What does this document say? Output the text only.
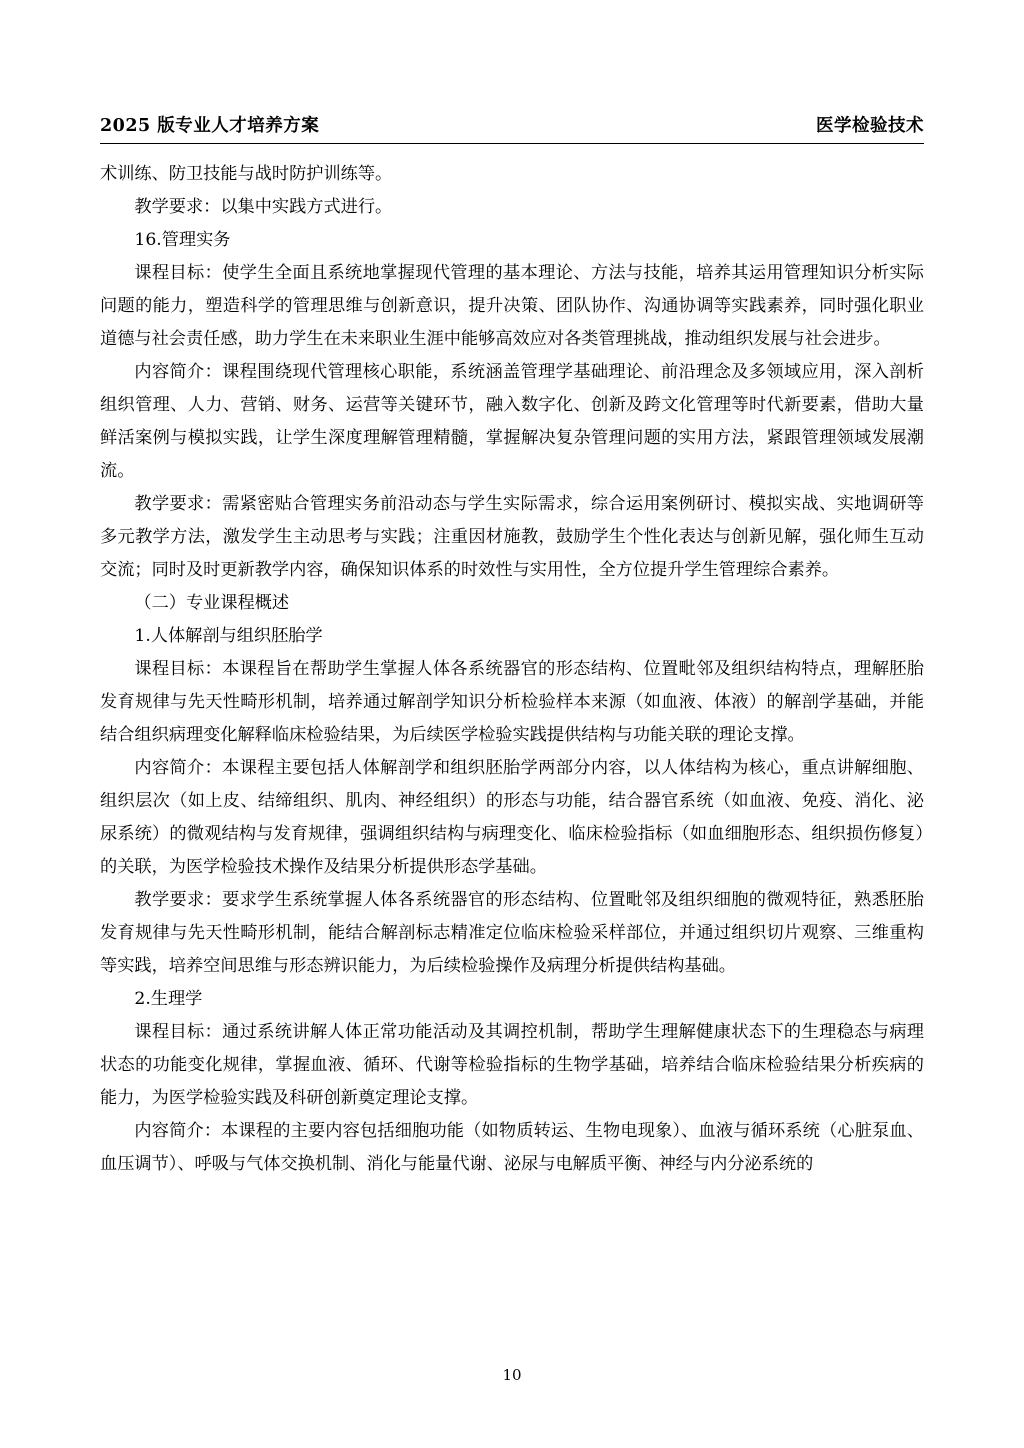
2025 版专业人才培养方案	医学检验技术

术训练、防卫技能与战时防护训练等。

教学要求：以集中实践方式进行。

16.管理实务

课程目标：使学生全面且系统地掌握现代管理的基本理论、方法与技能，培养其运用管理知识分析实际问题的能力，塑造科学的管理思维与创新意识，提升决策、团队协作、沟通协调等实践素养，同时强化职业道德与社会责任感，助力学生在未来职业生涯中能够高效应对各类管理挑战，推动组织发展与社会进步。

内容简介：课程围绕现代管理核心职能，系统涵盖管理学基础理论、前沿理念及多领域应用，深入剖析组织管理、人力、营销、财务、运营等关键环节，融入数字化、创新及跨文化管理等时代新要素，借助大量鲜活案例与模拟实践，让学生深度理解管理精髓，掌握解决复杂管理问题的实用方法，紧跟管理领域发展潮流。

教学要求：需紧密贴合管理实务前沿动态与学生实际需求，综合运用案例研讨、模拟实战、实地调研等多元教学方法，激发学生主动思考与实践；注重因材施教，鼓励学生个性化表达与创新见解，强化师生互动交流；同时及时更新教学内容，确保知识体系的时效性与实用性，全方位提升学生管理综合素养。

（二）专业课程概述

1.人体解剖与组织胚胎学

课程目标：本课程旨在帮助学生掌握人体各系统器官的形态结构、位置毗邻及组织结构特点，理解胚胎发育规律与先天性畸形机制，培养通过解剖学知识分析检验样本来源（如血液、体液）的解剖学基础，并能结合组织病理变化解释临床检验结果，为后续医学检验实践提供结构与功能关联的理论支撑。

内容简介：本课程主要包括人体解剖学和组织胚胎学两部分内容，以人体结构为核心，重点讲解细胞、组织层次（如上皮、结缔组织、肌肉、神经组织）的形态与功能，结合器官系统（如血液、免疫、消化、泌尿系统）的微观结构与发育规律，强调组织结构与病理变化、临床检验指标（如血细胞形态、组织损伤修复）的关联，为医学检验技术操作及结果分析提供形态学基础。

教学要求：要求学生系统掌握人体各系统器官的形态结构、位置毗邻及组织细胞的微观特征，熟悉胚胎发育规律与先天性畸形机制，能结合解剖标志精准定位临床检验采样部位，并通过组织切片观察、三维重构等实践，培养空间思维与形态辨识能力，为后续检验操作及病理分析提供结构基础。

2.生理学

课程目标：通过系统讲解人体正常功能活动及其调控机制，帮助学生理解健康状态下的生理稳态与病理状态的功能变化规律，掌握血液、循环、代谢等检验指标的生物学基础，培养结合临床检验结果分析疾病的能力，为医学检验实践及科研创新奠定理论支撑。

内容简介：本课程的主要内容包括细胞功能（如物质转运、生物电现象）、血液与循环系统（心脏泵血、血压调节）、呼吸与气体交换机制、消化与能量代谢、泌尿与电解质平衡、神经与内分泌系统的

10
